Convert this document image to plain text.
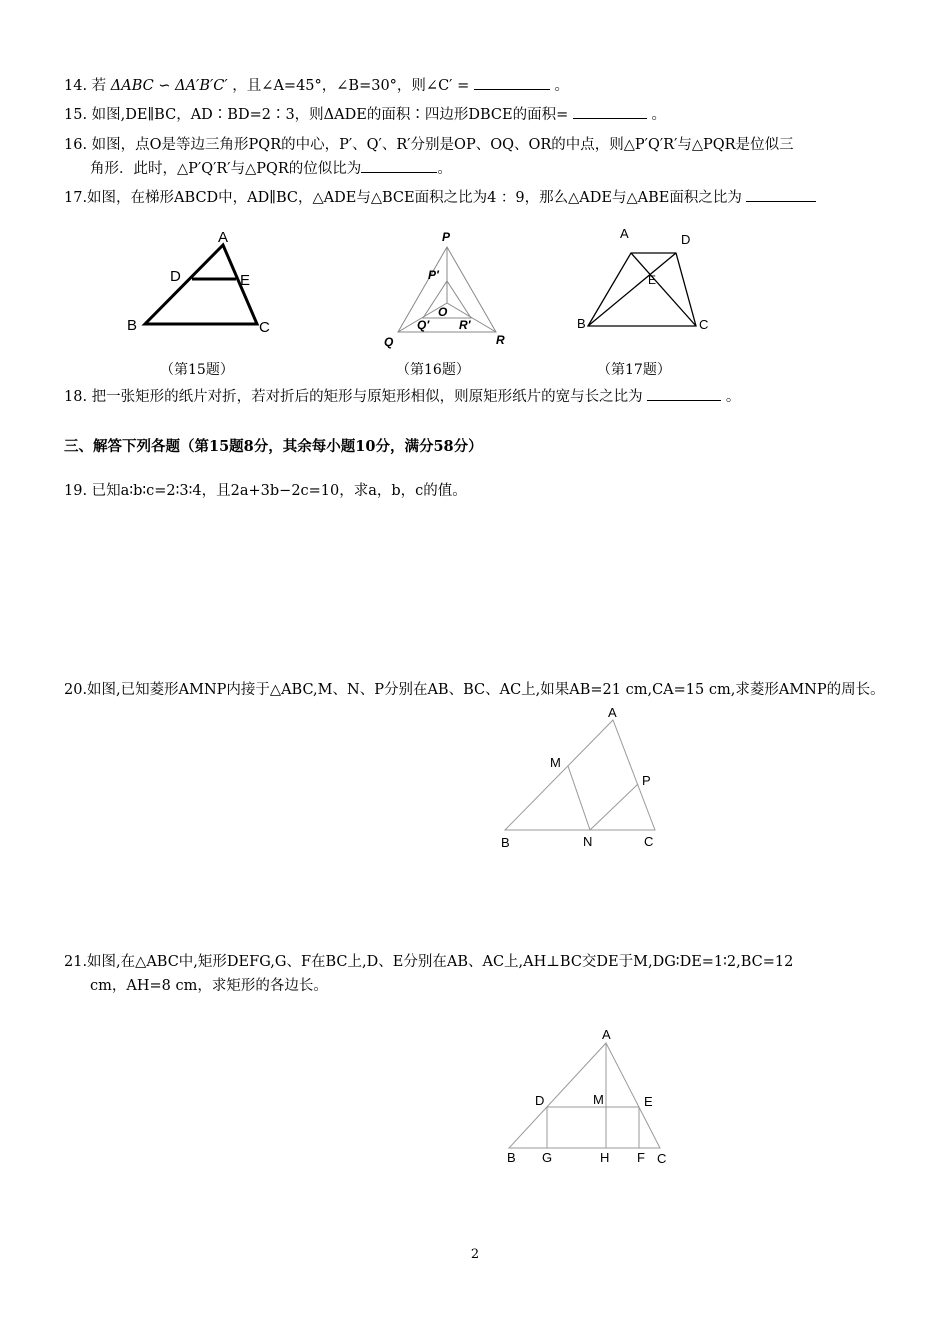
14. 若 ΔABC ∽ ΔA′B′C′ ，且∠A=45°，∠B=30°，则∠C′ =	。
15. 如图,DE∥BC，AD∶BD=2∶3，则ΔADE的面积∶四边形DBCE的面积=	。
16. 如图，点O是等边三角形PQR的中心，P′、Q′、R′分别是OP、OQ、OR的中点，则△P′Q′R′与△PQR是位似三
角形．此时，△P′Q′R′与△PQR的位似比为	。
17.如图，在梯形ABCD中，AD∥BC，△ADE与△BCE面积之比为4 ：9，那么△ADE与△ABE面积之比为
A
D	E
B	C
（第15题）
P
P′
O
Q′ R′
Q	R
（第16题）
A	D
E
B	C
（第17题）
18. 把一张矩形的纸片对折，若对折后的矩形与原矩形相似，则原矩形纸片的宽与长之比为	。
三、解答下列各题（第15题8分，其余每小题10分，满分58分）
19. 已知a∶b∶c=2∶3∶4，且2a+3b−2c=10，求a，b，c的值。
20.如图,已知菱形AMNP内接于△ABC,M、N、P分别在AB、BC、AC上,如果AB=21 cm,CA=15 cm,求菱形AMNP的周长。
A
M
P
B	N	C
21.如图,在△ABC中,矩形DEFG,G、F在BC上,D、E分别在AB、AC上,AH⊥BC交DE于M,DG∶DE=1∶2,BC=12
cm，AH=8 cm，求矩形的各边长。
A
D	M	E
B G	H F C
2
